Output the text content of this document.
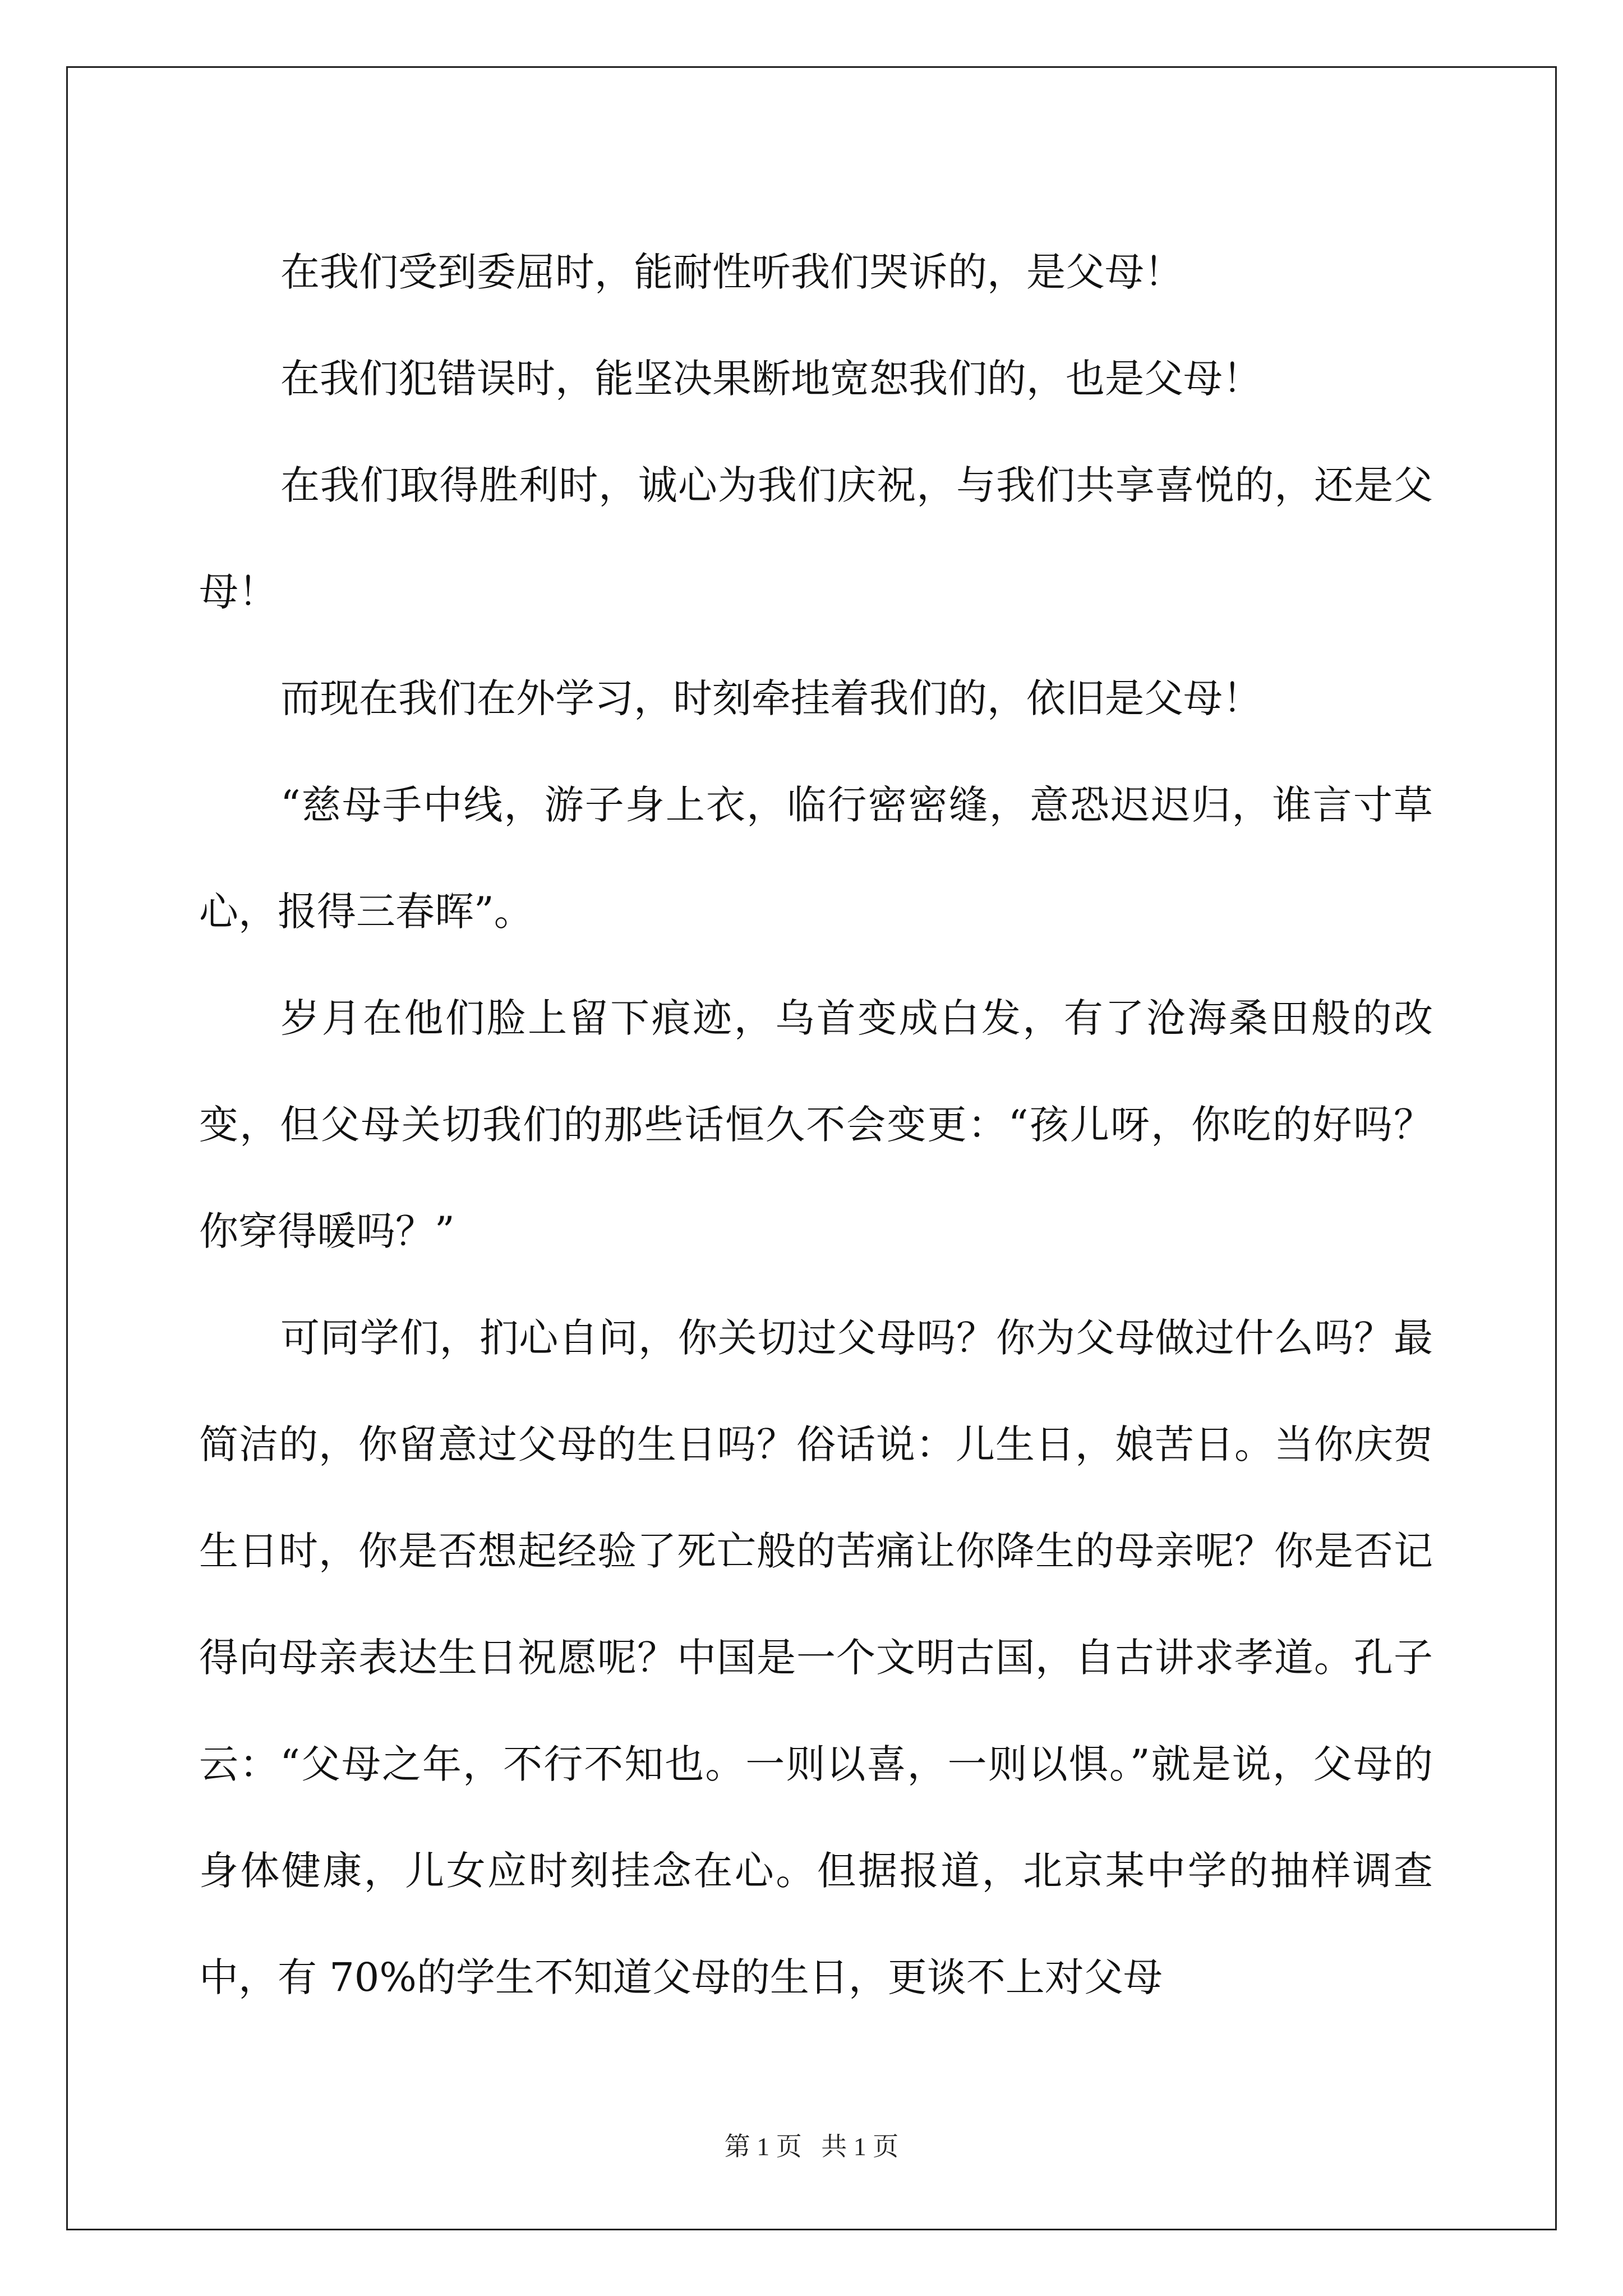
在我们受到委屈时，能耐性听我们哭诉的，是父母！

在我们犯错误时，能坚决果断地宽恕我们的，也是父母！

在我们取得胜利时，诚心为我们庆祝，与我们共享喜悦的，还是父母！

而现在我们在外学习，时刻牵挂着我们的，依旧是父母！

“慈母手中线，游子身上衣，临行密密缝，意恐迟迟归，谁言寸草心，报得三春晖”。

岁月在他们脸上留下痕迹，乌首变成白发，有了沧海桑田般的改变，但父母关切我们的那些话恒久不会变更：“孩儿呀，你吃的好吗？你穿得暖吗？”

可同学们，扪心自问，你关切过父母吗？你为父母做过什么吗？最简洁的，你留意过父母的生日吗？俗话说：儿生日，娘苦日。当你庆贺生日时，你是否想起经验了死亡般的苦痛让你降生的母亲呢？你是否记得向母亲表达生日祝愿呢？中国是一个文明古国，自古讲求孝道。孔子云：“父母之年，不行不知也。一则以喜，一则以惧。”就是说，父母的身体健康，儿女应时刻挂念在心。但据报道，北京某中学的抽样调查中，有 70%的学生不知道父母的生日，更谈不上对父母

第 1 页 共 1 页
